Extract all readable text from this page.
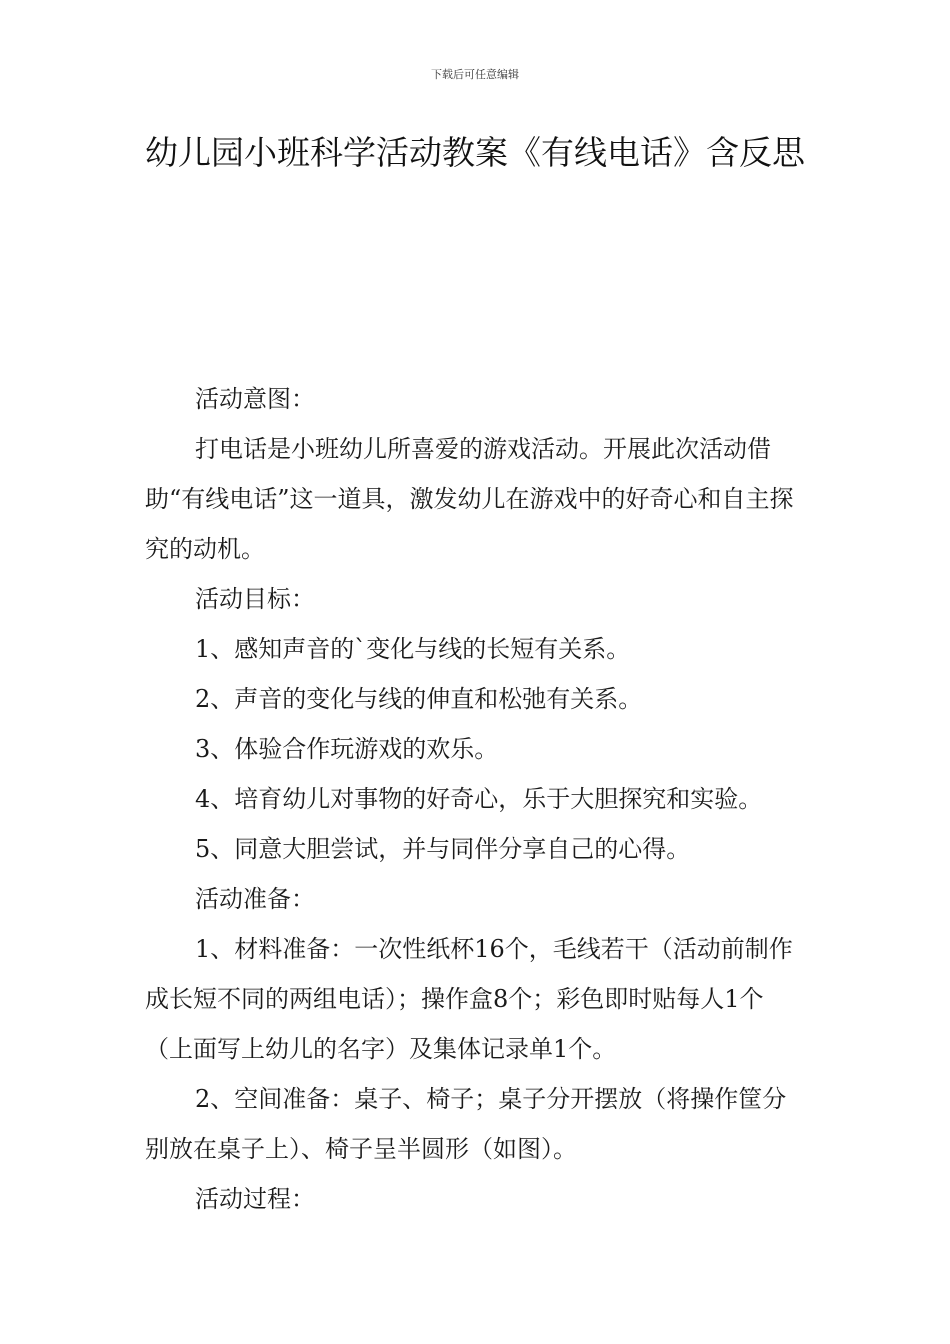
下载后可任意编辑
幼儿园小班科学活动教案《有线电话》含反思

活动意图：

打电话是小班幼儿所喜爱的游戏活动。开展此次活动借助“有线电话”这一道具，激发幼儿在游戏中的好奇心和自主探究的动机。

活动目标：

1、感知声音的`变化与线的长短有关系。

2、声音的变化与线的伸直和松弛有关系。

3、体验合作玩游戏的欢乐。

4、培育幼儿对事物的好奇心，乐于大胆探究和实验。

5、同意大胆尝试，并与同伴分享自己的心得。

活动准备：

1、材料准备：一次性纸杯16个，毛线若干（活动前制作成长短不同的两组电话）；操作盒8个；彩色即时贴每人1个（上面写上幼儿的名字）及集体记录单1个。

2、空间准备：桌子、椅子；桌子分开摆放（将操作筐分别放在桌子上）、椅子呈半圆形（如图）。

活动过程：
